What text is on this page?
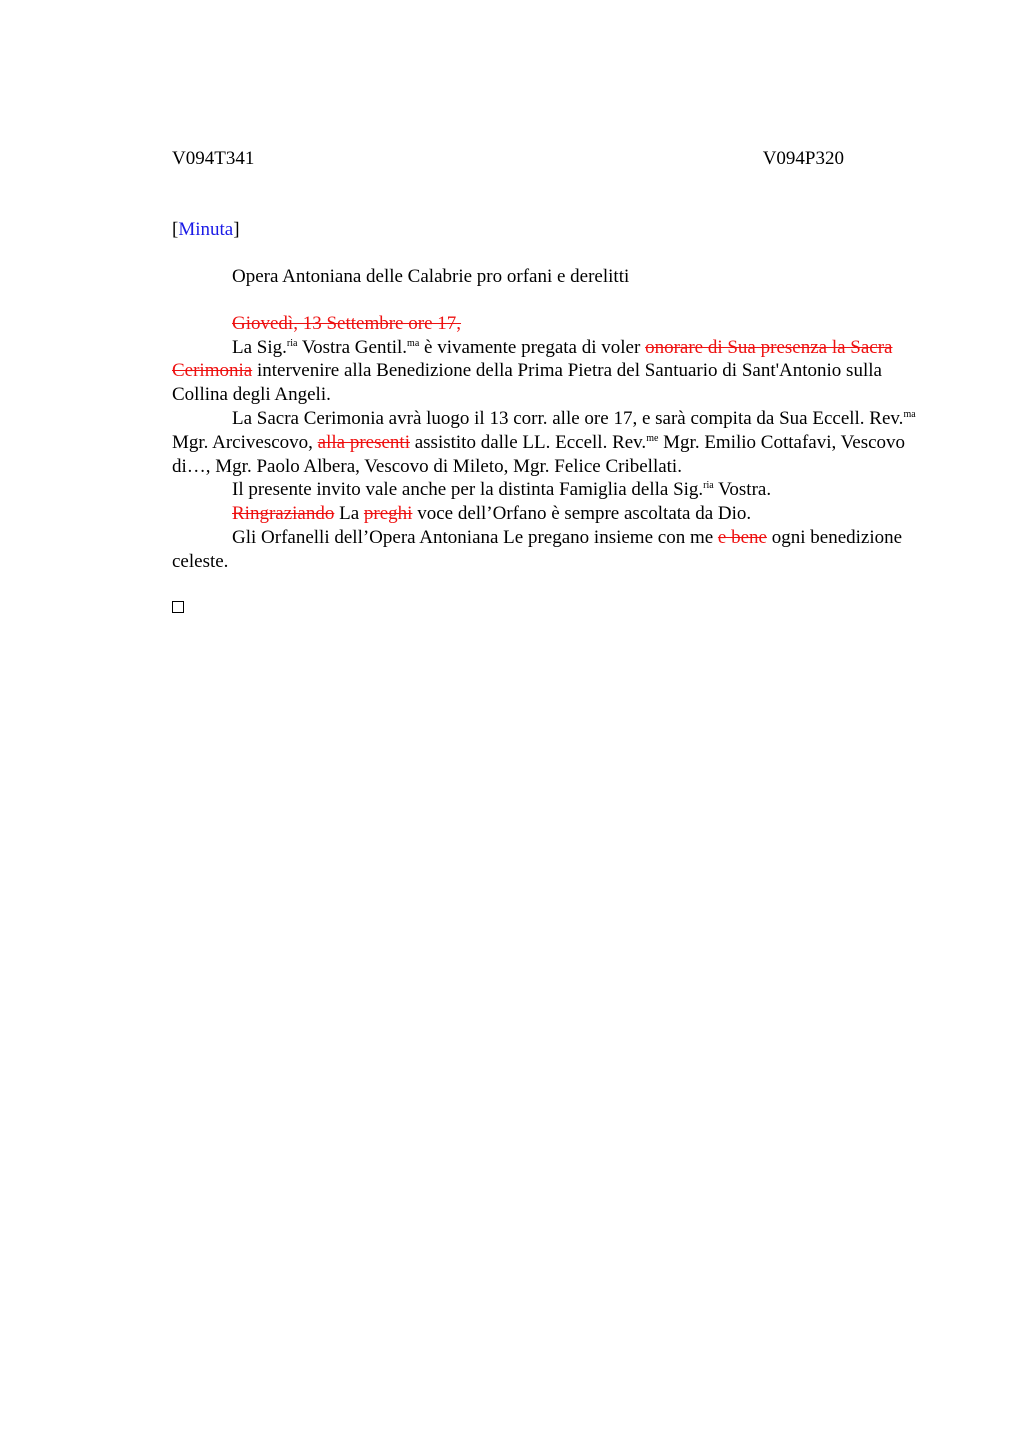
V094T341	V094P320
[Minuta]

Opera Antoniana delle Calabrie pro orfani e derelitti

Giovedì, 13 Settembre ore 17,

La Sig.$^{ria}$ Vostra Gentil.$^{ma}$ è vivamente pregata di voler onorare di Sua presenza la Sacra Cerimonia intervenire alla Benedizione della Prima Pietra del Santuario di Sant'Antonio sulla Collina degli Angeli.

La Sacra Cerimonia avrà luogo il 13 corr. alle ore 17, e sarà compita da Sua Eccell. Rev.$^{ma}$ Mgr. Arcivescovo, alla presenti assistito dalle LL. Eccell. Rev.$^{me}$ Mgr. Emilio Cottafavi, Vescovo di…, Mgr. Paolo Albera, Vescovo di Mileto, Mgr. Felice Cribellati.

Il presente invito vale anche per la distinta Famiglia della Sig.$^{ria}$ Vostra.

Ringraziando La preghi voce dell’Orfano è sempre ascoltata da Dio.

Gli Orfanelli dell’Opera Antoniana Le pregano insieme con me e bene ogni benedizione celeste.
